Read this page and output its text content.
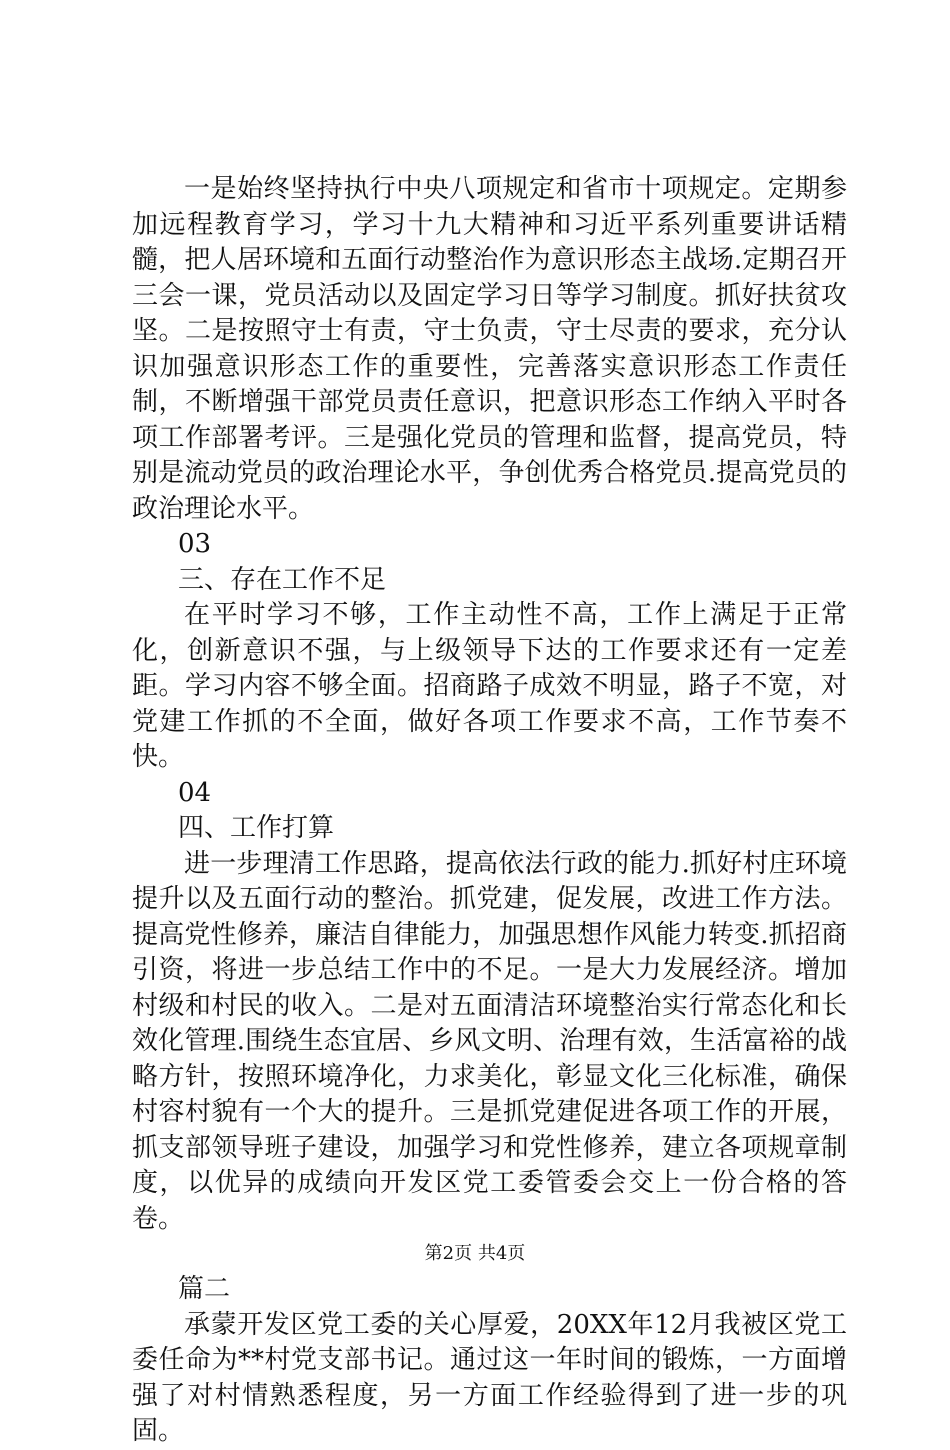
一是始终坚持执行中央八项规定和省市十项规定。定期参加远程教育学习，学习十九大精神和习近平系列重要讲话精髓，把人居环境和五面行动整治作为意识形态主战场.定期召开三会一课，党员活动以及固定学习日等学习制度。抓好扶贫攻坚。二是按照守士有责，守士负责，守士尽责的要求，充分认识加强意识形态工作的重要性，完善落实意识形态工作责任制，不断增强干部党员责任意识，把意识形态工作纳入平时各项工作部署考评。三是强化党员的管理和监督，提高党员，特别是流动党员的政治理论水平，争创优秀合格党员.提高党员的政治理论水平。

03

三、存在工作不足

在平时学习不够，工作主动性不高，工作上满足于正常化，创新意识不强，与上级领导下达的工作要求还有一定差距。学习内容不够全面。招商路子成效不明显，路子不宽，对党建工作抓的不全面，做好各项工作要求不高，工作节奏不快。

04

四、工作打算

进一步理清工作思路，提高依法行政的能力.抓好村庄环境提升以及五面行动的整治。抓党建，促发展，改进工作方法。提高党性修养，廉洁自律能力，加强思想作风能力转变.抓招商引资，将进一步总结工作中的不足。一是大力发展经济。增加村级和村民的收入。二是对五面清洁环境整治实行常态化和长效化管理.围绕生态宜居、乡风文明、治理有效，生活富裕的战略方针，按照环境净化，力求美化，彰显文化三化标准，确保村容村貌有一个大的提升。三是抓党建促进各项工作的开展，抓支部领导班子建设，加强学习和党性修养，建立各项规章制度，以优异的成绩向开发区党工委管委会交上一份合格的答卷。

篇二

承蒙开发区党工委的关心厚爱，20XX年12月我被区党工委任命为**村党支部书记。通过这一年时间的锻炼，一方面增强了对村情熟悉程度，另一方面工作经验得到了进一步的巩固。

第2页 共4页
